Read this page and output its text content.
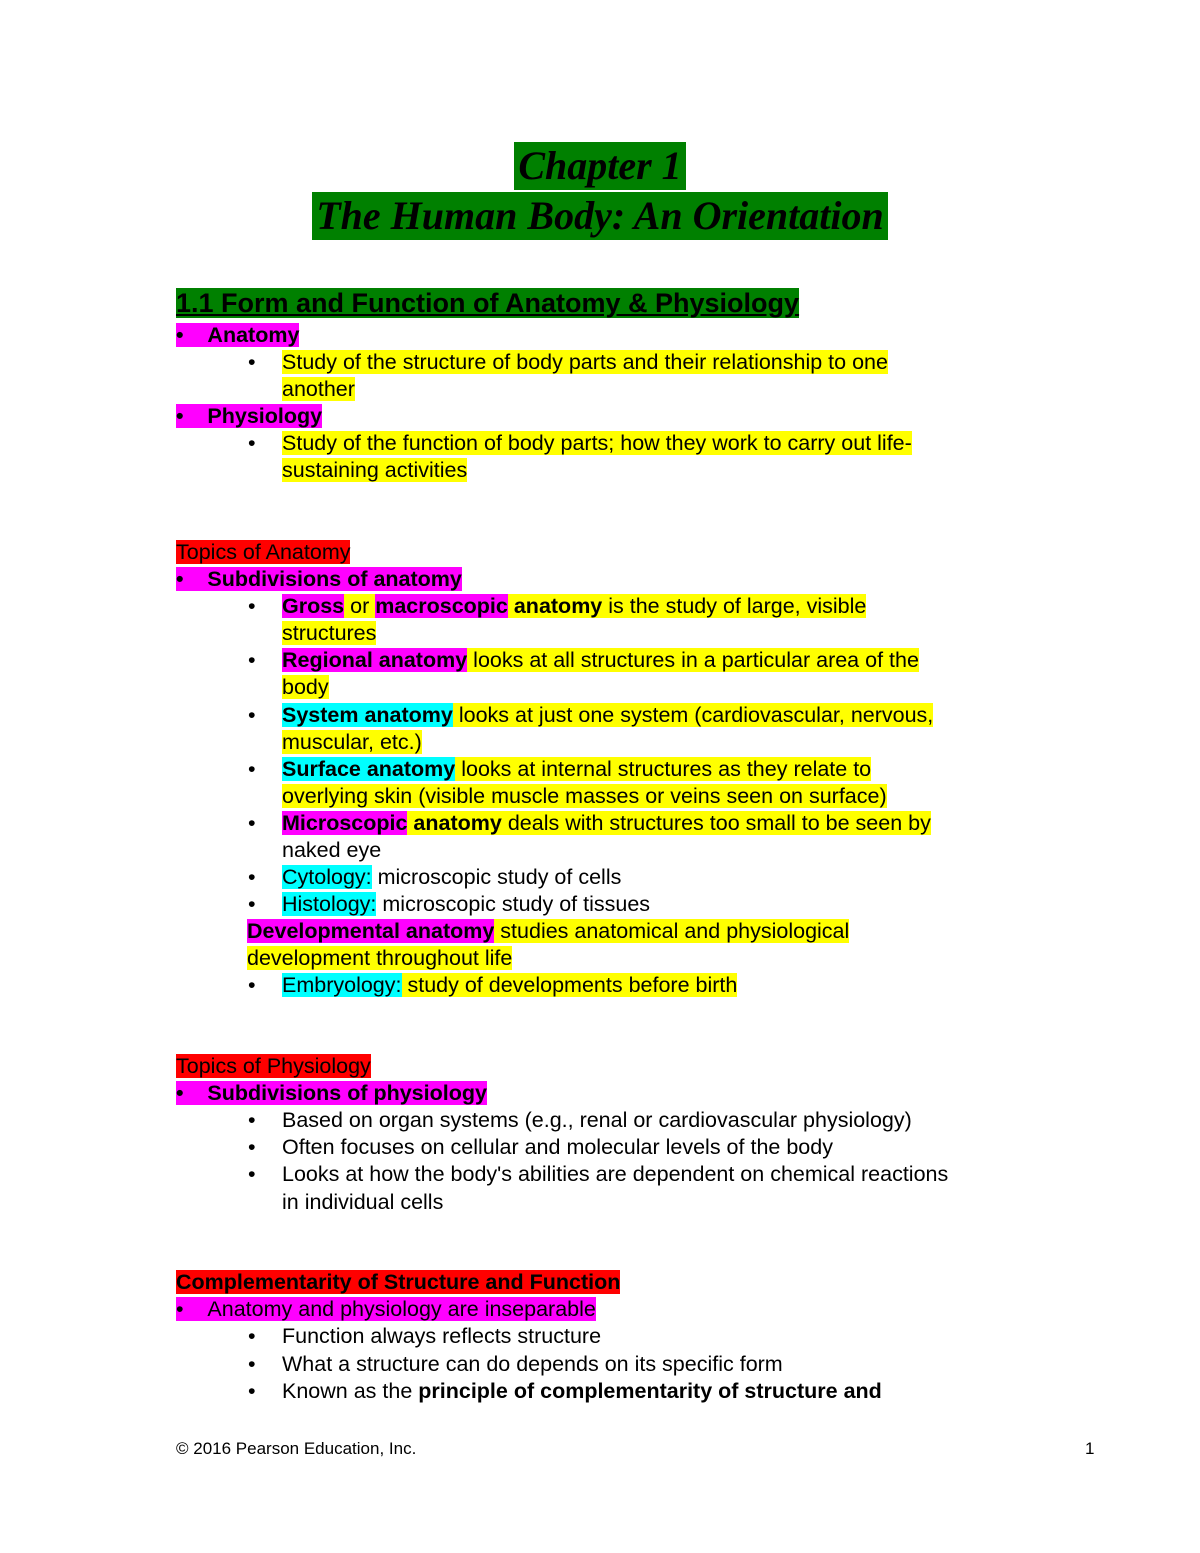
Chapter 1
The Human Body: An Orientation
1.1 Form and Function of Anatomy & Physiology
•    Anatomy
• Study of the structure of body parts and their relationship to one
another
•    Physiology
• Study of the function of body parts; how they work to carry out life-
sustaining activities
Topics of Anatomy
•    Subdivisions of anatomy
• Gross or macroscopic anatomy is the study of large, visible
structures
• Regional anatomy looks at all structures in a particular area of the
body
• System anatomy looks at just one system (cardiovascular, nervous,
muscular, etc.)
• Surface anatomy looks at internal structures as they relate to
overlying skin (visible muscle masses or veins seen on surface)
• Microscopic anatomy deals with structures too small to be seen by
naked eye
• Cytology: microscopic study of cells
• Histology: microscopic study of tissues
Developmental anatomy studies anatomical and physiological
development throughout life
• Embryology: study of developments before birth
Topics of Physiology
•    Subdivisions of physiology
• Based on organ systems (e.g., renal or cardiovascular physiology)
• Often focuses on cellular and molecular levels of the body
• Looks at how the body's abilities are dependent on chemical reactions
in individual cells
Complementarity of Structure and Function
•    Anatomy and physiology are inseparable
• Function always reflects structure
• What a structure can do depends on its specific form
• Known as the principle of complementarity of structure and
© 2016 Pearson Education, Inc.	1
